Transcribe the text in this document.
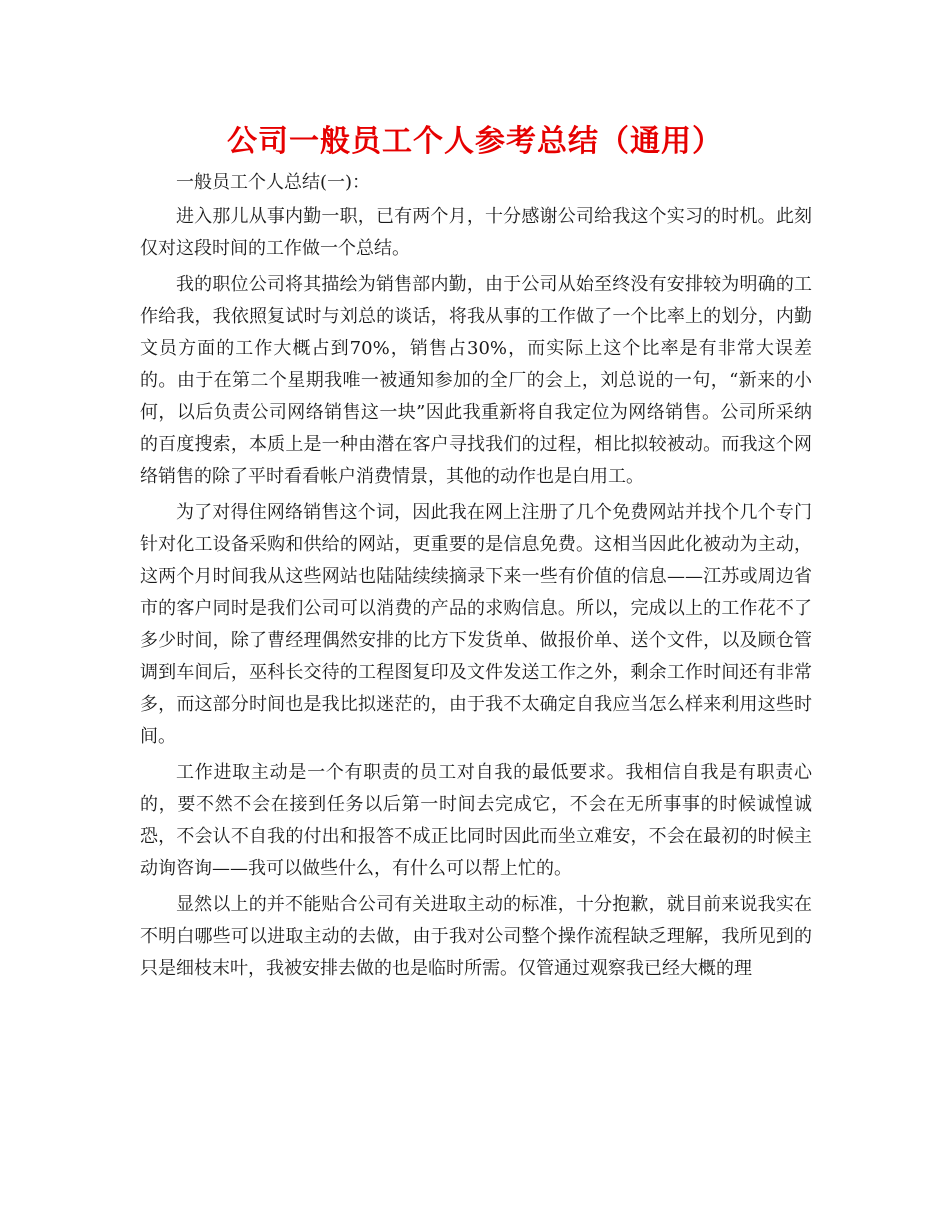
公司一般员工个人参考总结（通用）

一般员工个人总结(一)：

进入那儿从事内勤一职，已有两个月，十分感谢公司给我这个实习的时机。此刻仅对这段时间的工作做一个总结。

我的职位公司将其描绘为销售部内勤，由于公司从始至终没有安排较为明确的工作给我，我依照复试时与刘总的谈话，将我从事的工作做了一个比率上的划分，内勤文员方面的工作大概占到70%，销售占30%，而实际上这个比率是有非常大误差的。由于在第二个星期我唯一被通知参加的全厂的会上，刘总说的一句，“新来的小何，以后负责公司网络销售这一块”因此我重新将自我定位为网络销售。公司所采纳的百度搜索，本质上是一种由潜在客户寻找我们的过程，相比拟较被动。而我这个网络销售的除了平时看看帐户消费情景，其他的动作也是白用工。

为了对得住网络销售这个词，因此我在网上注册了几个免费网站并找个几个专门针对化工设备采购和供给的网站，更重要的是信息免费。这相当因此化被动为主动，这两个月时间我从这些网站也陆陆续续摘录下来一些有价值的信息——江苏或周边省市的客户同时是我们公司可以消费的产品的求购信息。所以，完成以上的工作花不了多少时间，除了曹经理偶然安排的比方下发货单、做报价单、送个文件，以及顾仓管调到车间后，巫科长交待的工程图复印及文件发送工作之外，剩余工作时间还有非常多，而这部分时间也是我比拟迷茫的，由于我不太确定自我应当怎么样来利用这些时间。

工作进取主动是一个有职责的员工对自我的最低要求。我相信自我是有职责心的，要不然不会在接到任务以后第一时间去完成它，不会在无所事事的时候诚惶诚恐，不会认不自我的付出和报答不成正比同时因此而坐立难安，不会在最初的时候主动询咨询——我可以做些什么，有什么可以帮上忙的。

显然以上的并不能贴合公司有关进取主动的标准，十分抱歉，就目前来说我实在不明白哪些可以进取主动的去做，由于我对公司整个操作流程缺乏理解，我所见到的只是细枝末叶，我被安排去做的也是临时所需。仅管通过观察我已经大概的理
